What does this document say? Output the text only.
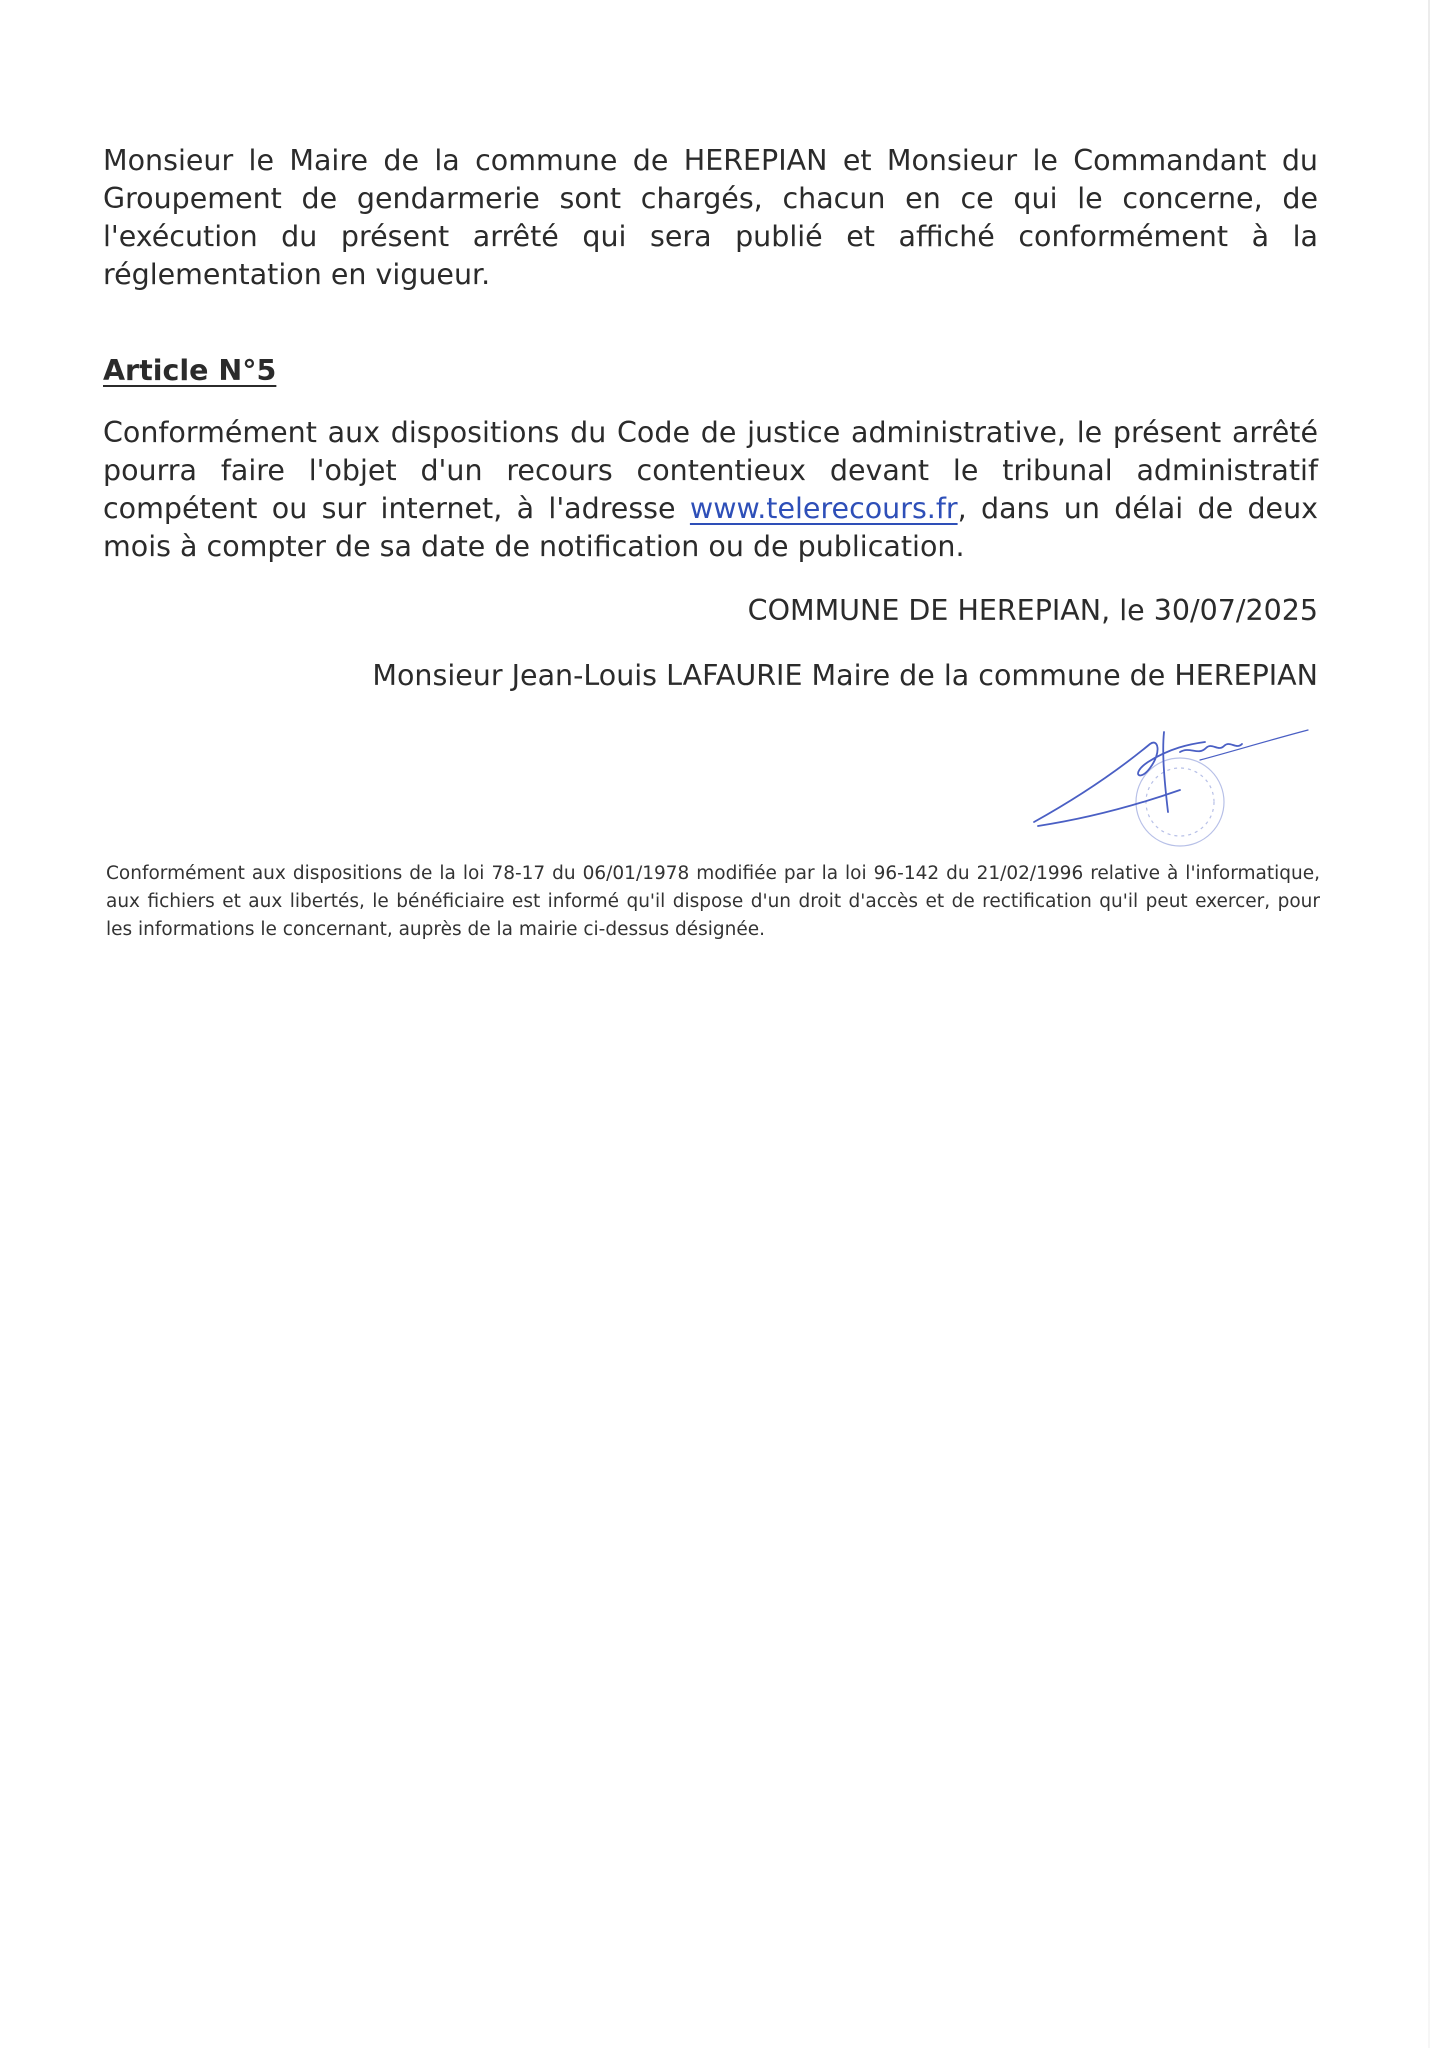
Monsieur le Maire de la commune de HEREPIAN et Monsieur le Commandant du Groupement de gendarmerie sont chargés, chacun en ce qui le concerne, de l'exécution du présent arrêté qui sera publié et affiché conformément à la réglementation en vigueur.

Article N°5

Conformément aux dispositions du Code de justice administrative, le présent arrêté pourra faire l'objet d'un recours contentieux devant le tribunal administratif compétent ou sur internet, à l'adresse www.telerecours.fr, dans un délai de deux mois à compter de sa date de notification ou de publication.

COMMUNE DE HEREPIAN, le 30/07/2025
Monsieur Jean-Louis LAFAURIE Maire de la commune de HEREPIAN

Conformément aux dispositions de la loi 78-17 du 06/01/1978 modifiée par la loi 96-142 du 21/02/1996 relative à l'informatique, aux fichiers et aux libertés, le bénéficiaire est informé qu'il dispose d'un droit d'accès et de rectification qu'il peut exercer, pour les informations le concernant, auprès de la mairie ci-dessus désignée.
